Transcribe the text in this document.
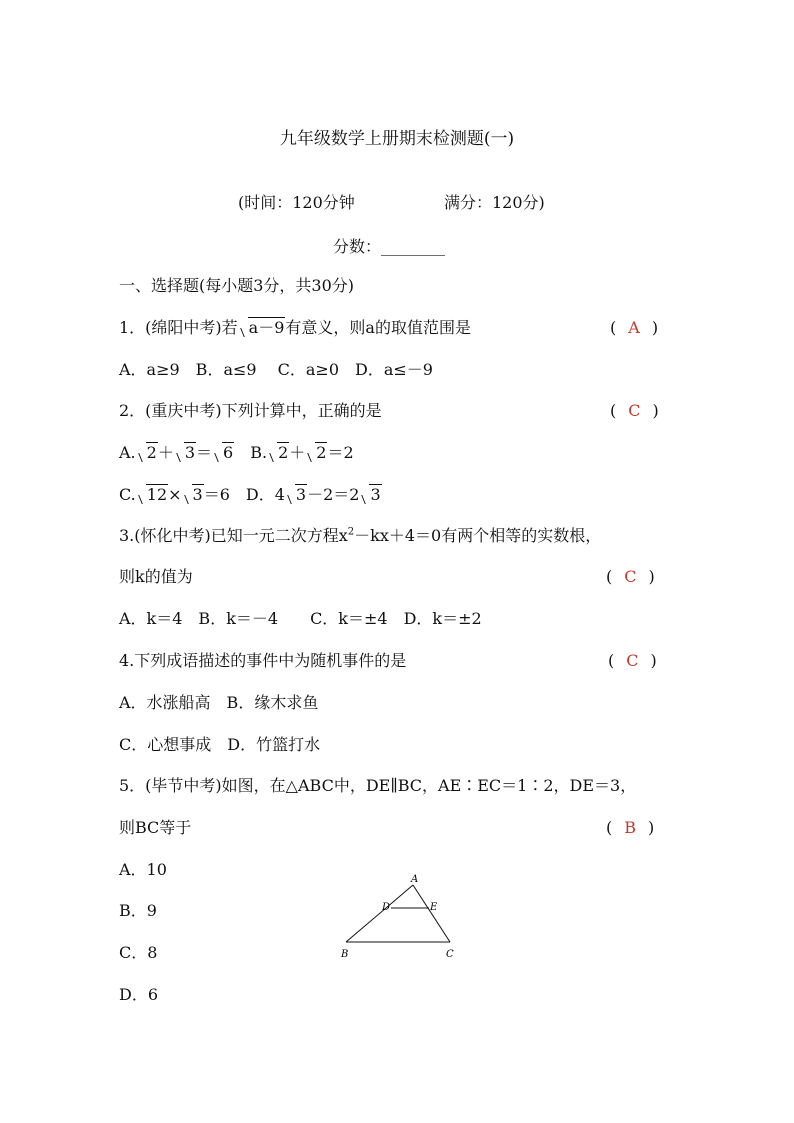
九年级数学上册期末检测题(一)
(时间：120分钟	满分：120分)
分数：________
一、选择题(每小题3分，共30分)
1．(绵阳中考)若 a－9有意义，则a的取值范围是	( A )
A．a≥9　B．a≤9　 C．a≥0　D．a≤－9
2．(重庆中考)下列计算中，正确的是	( C )
A. 2＋ 3＝ 6　B. 2＋ 2＝2
C. 12× 3＝6　D．4 3－2＝2 3
3.(怀化中考)已知一元二次方程$x^2-kx+4=0$有两个相等的实数根，
则k的值为	( C )
A．k＝4　B．k＝－4　　C．k＝±4　D．k＝±2
4.下列成语描述的事件中为随机事件的是	( C )
A．水涨船高　B．缘木求鱼
C．心想事成　D．竹篮打水
5．(毕节中考)如图，在△ABC中，DE∥BC，AE∶EC＝1∶2，DE＝3，
则BC等于	( B )
A．10
B．9
C．8
D．6
A
B	C
D	E
